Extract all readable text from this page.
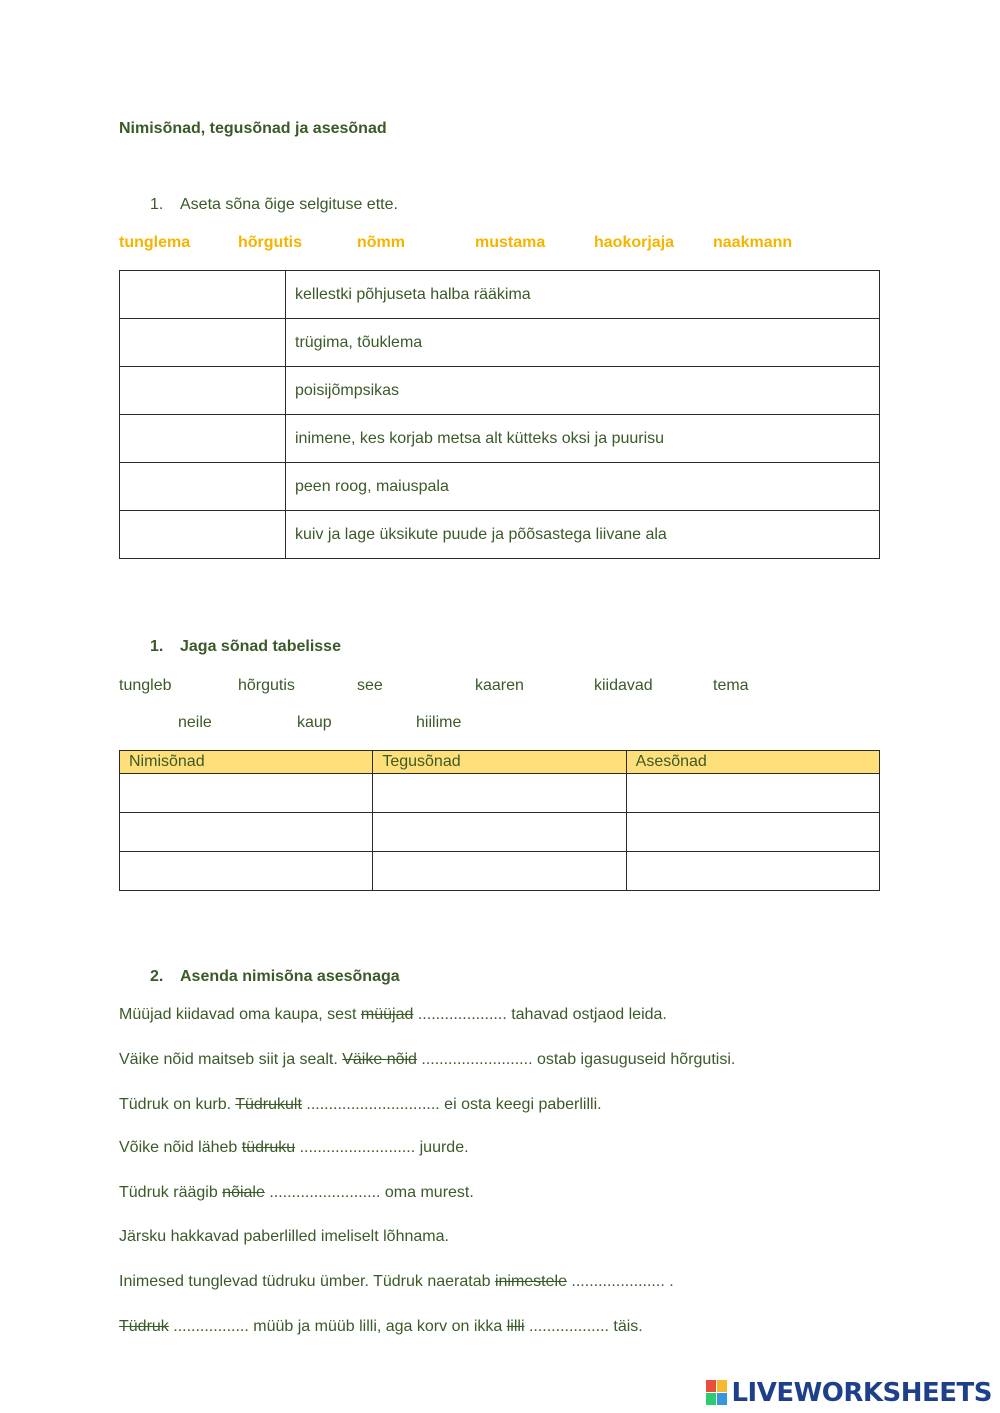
Nimisõnad, tegusõnad ja asesõnad
1. Aseta sõna õige selgituse ette.
tunglema	hõrgutis	nõmm	mustama	haokorjaja naakmann
	kellestki põhjuseta halba rääkima
	trügima, tõuklema
	poisijõmpsikas
	inimene, kes korjab metsa alt kütteks oksi ja puurisu
	peen roog, maiuspala
	kuiv ja lage üksikute puude ja põõsastega liivane ala
1. Jaga sõnad tabelisse
tungleb	hõrgutis	see	kaaren	kiidavad	tema
neile	kaup	hiilime
Nimisõnad	Tegusõnad	Asesõnad

2. Asenda nimisõna asesõnaga
Müüjad kiidavad oma kaupa, sest müüjad .................... tahavad ostjaod leida.
Väike nõid maitseb siit ja sealt. Väike nõid ......................... ostab igasuguseid hõrgutisi.
Tüdruk on kurb. Tüdrukult .............................. ei osta keegi paberlilli.
Võike nõid läheb tüdruku .......................... juurde.
Tüdruk räägib nõiale ......................... oma murest.
Järsku hakkavad paberlilled imeliselt lõhnama.
Inimesed tunglevad tüdruku ümber. Tüdruk naeratab inimestele ..................... .
Tüdruk ................. müüb ja müüb lilli, aga korv on ikka lilli .................. täis.
LIVEWORKSHEETS
